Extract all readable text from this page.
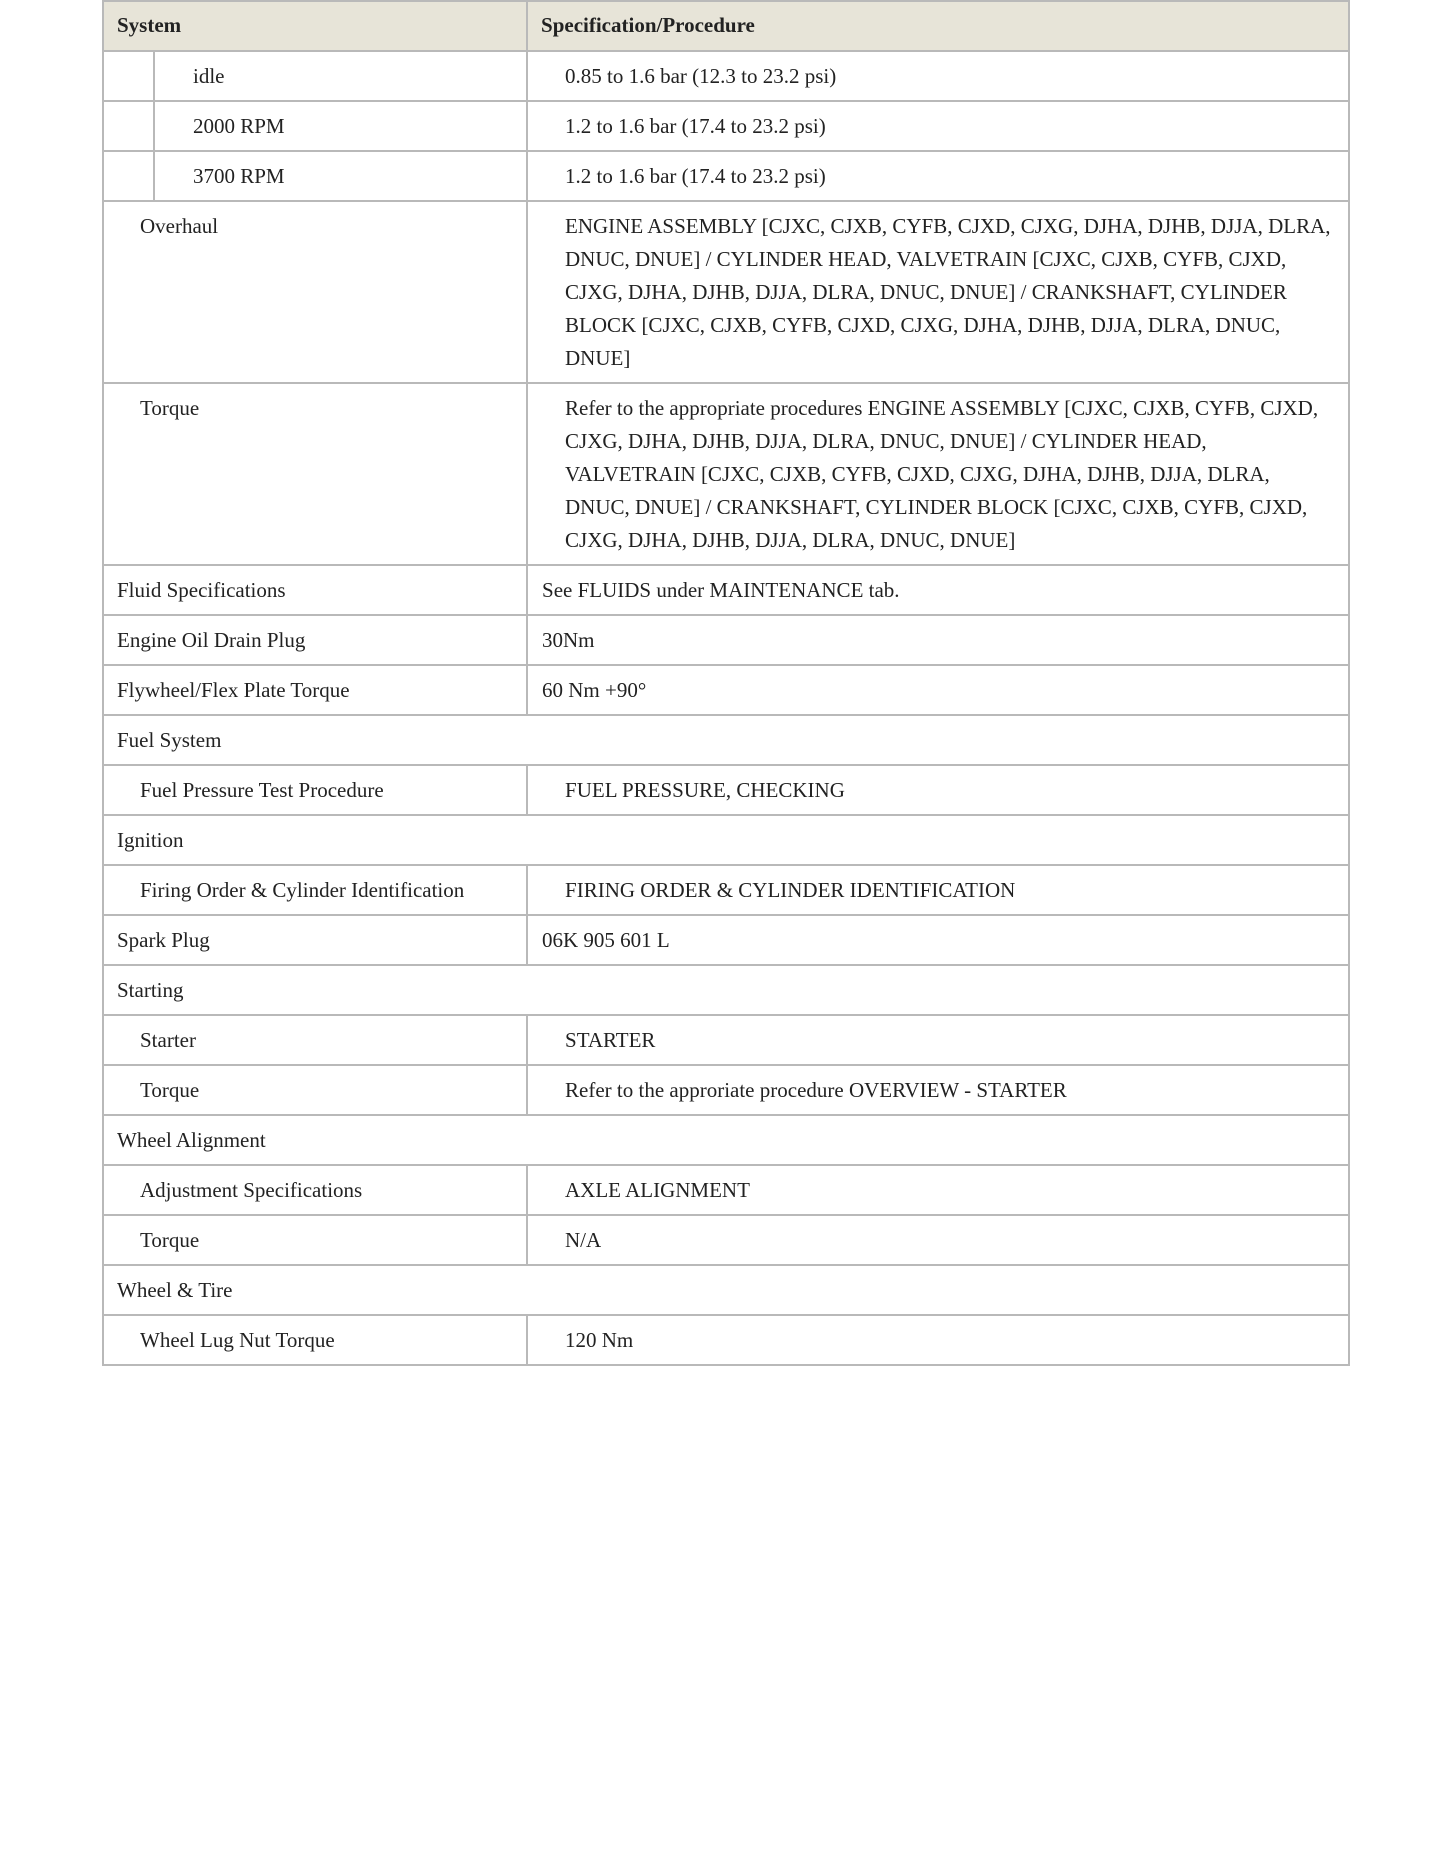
System		Specification/Procedure
	idle	0.85 to 1.6 bar (12.3 to 23.2 psi)
	2000 RPM	1.2 to 1.6 bar (17.4 to 23.2 psi)
	3700 RPM	1.2 to 1.6 bar (17.4 to 23.2 psi)
Overhaul		ENGINE ASSEMBLY [CJXC, CJXB, CYFB, CJXD, CJXG, DJHA, DJHB, DJJA, DLRA, DNUC, DNUE] / CYLINDER HEAD, VALVETRAIN [CJXC, CJXB, CYFB, CJXD, CJXG, DJHA, DJHB, DJJA, DLRA, DNUC, DNUE] / CRANKSHAFT, CYLINDER BLOCK [CJXC, CJXB, CYFB, CJXD, CJXG, DJHA, DJHB, DJJA, DLRA, DNUC, DNUE]
Torque		Refer to the appropriate procedures ENGINE ASSEMBLY [CJXC, CJXB, CYFB, CJXD, CJXG, DJHA, DJHB, DJJA, DLRA, DNUC, DNUE] / CYLINDER HEAD, VALVETRAIN [CJXC, CJXB, CYFB, CJXD, CJXG, DJHA, DJHB, DJJA, DLRA, DNUC, DNUE] / CRANKSHAFT, CYLINDER BLOCK [CJXC, CJXB, CYFB, CJXD, CJXG, DJHA, DJHB, DJJA, DLRA, DNUC, DNUE]
Fluid Specifications		See FLUIDS under MAINTENANCE tab.
Engine Oil Drain Plug		30Nm
Flywheel/Flex Plate Torque		60 Nm +90°
Fuel System		
Fuel Pressure Test Procedure		FUEL PRESSURE, CHECKING
Ignition		
Firing Order & Cylinder Identification		FIRING ORDER & CYLINDER IDENTIFICATION
Spark Plug		06K 905 601 L
Starting		
Starter		STARTER
Torque		Refer to the approriate procedure OVERVIEW - STARTER
Wheel Alignment		
Adjustment Specifications		AXLE ALIGNMENT
Torque		N/A
Wheel & Tire		
Wheel Lug Nut Torque		120 Nm
